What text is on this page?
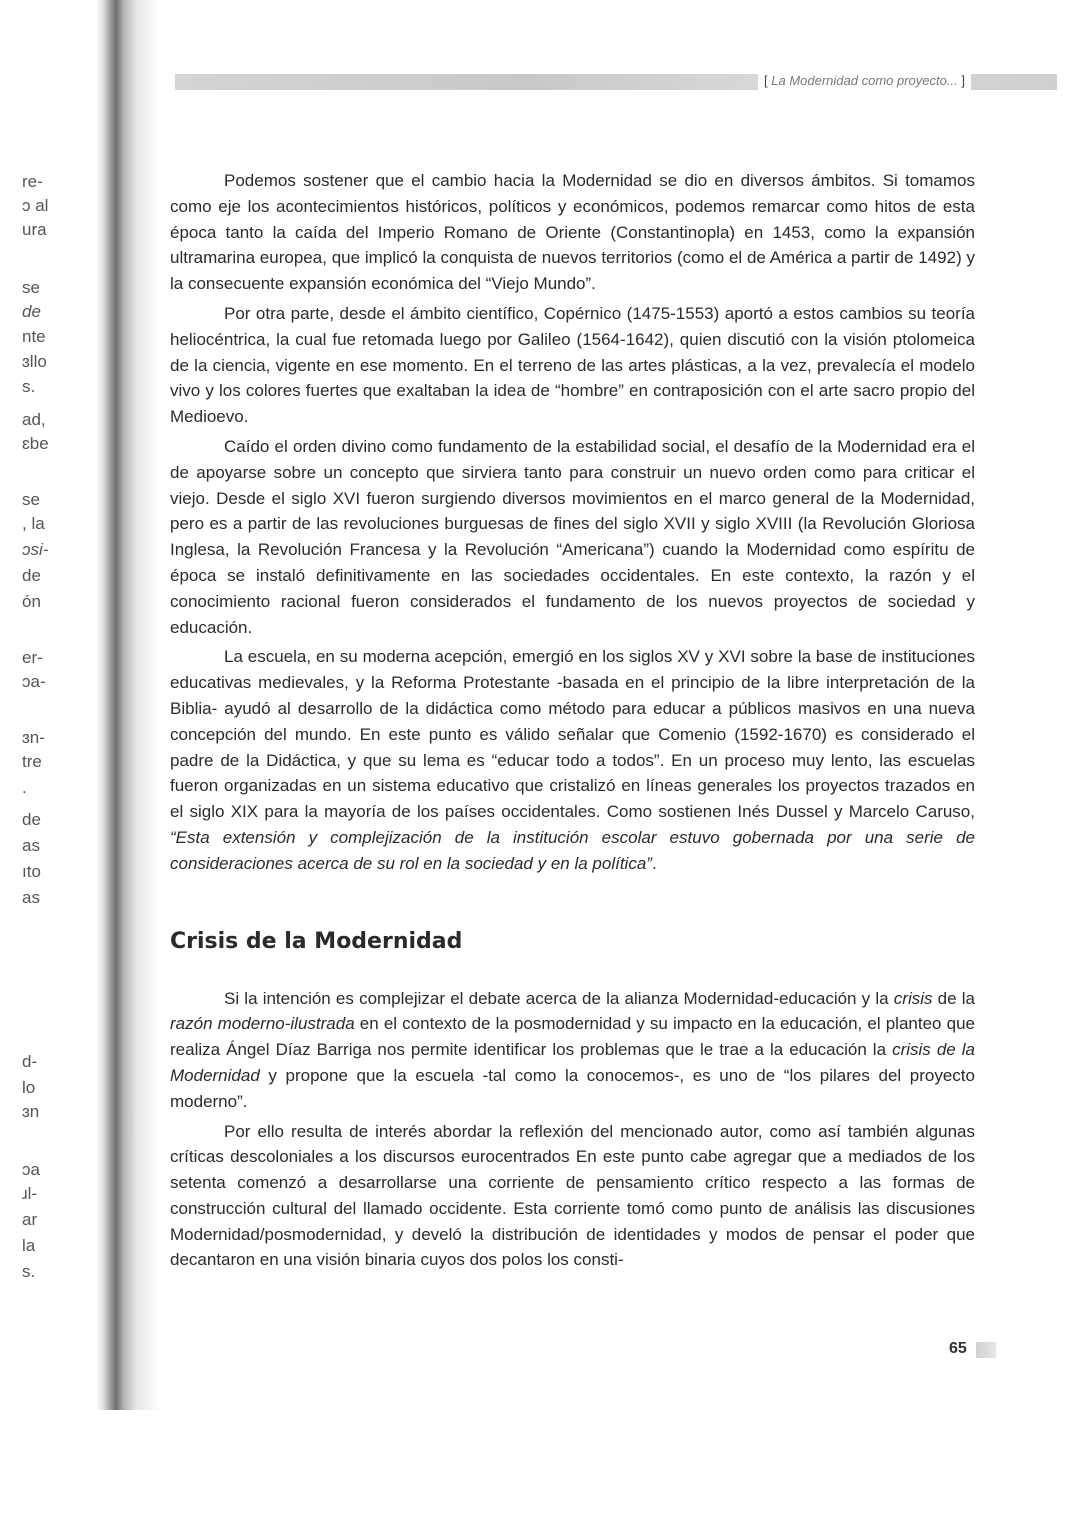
re-
ɔ al
ura
se
de
nte
ɜllo
s.
ad,
ɛbe
se
, la
ɔsi-
de
ón
er-
ɔa-
ɜn-
tre
.
de
as
ıto
as
d-
lo
ɜn
ɔa
ɹl-
ar
la
s.
[ La Modernidad como proyecto... ]

Podemos sostener que el cambio hacia la Modernidad se dio en diversos ámbitos. Si tomamos como eje los acontecimientos históricos, políticos y económicos, podemos remarcar como hitos de esta época tanto la caída del Imperio Romano de Oriente (Constantinopla) en 1453, como la expansión ultramarina europea, que implicó la conquista de nuevos territorios (como el de América a partir de 1492) y la consecuente expansión económica del “Viejo Mundo”.

Por otra parte, desde el ámbito científico, Copérnico (1475-1553) aportó a estos cambios su teoría heliocéntrica, la cual fue retomada luego por Galileo (1564-1642), quien discutió con la visión ptolomeica de la ciencia, vigente en ese momento. En el terreno de las artes plásticas, a la vez, prevalecía el modelo vivo y los colores fuertes que exaltaban la idea de “hombre” en contraposición con el arte sacro propio del Medioevo.

Caído el orden divino como fundamento de la estabilidad social, el desafío de la Modernidad era el de apoyarse sobre un concepto que sirviera tanto para construir un nuevo orden como para criticar el viejo. Desde el siglo XVI fueron surgiendo diversos movimientos en el marco general de la Modernidad, pero es a partir de las revoluciones burguesas de fines del siglo XVII y siglo XVIII (la Revolución Gloriosa Inglesa, la Revolución Francesa y la Revolución “Americana”) cuando la Modernidad como espíritu de época se instaló definitivamente en las sociedades occidentales. En este contexto, la razón y el conocimiento racional fueron considerados el fundamento de los nuevos proyectos de sociedad y educación.

La escuela, en su moderna acepción, emergió en los siglos XV y XVI sobre la base de instituciones educativas medievales, y la Reforma Protestante -basada en el principio de la libre interpretación de la Biblia- ayudó al desarrollo de la didáctica como método para educar a públicos masivos en una nueva concepción del mundo. En este punto es válido señalar que Comenio (1592-1670) es considerado el padre de la Didáctica, y que su lema es “educar todo a todos”. En un proceso muy lento, las escuelas fueron organizadas en un sistema educativo que cristalizó en líneas generales los proyectos trazados en el siglo XIX para la mayoría de los países occidentales. Como sostienen Inés Dussel y Marcelo Caruso, “Esta extensión y complejización de la institución escolar estuvo gobernada por una serie de consideraciones acerca de su rol en la sociedad y en la política”.

Crisis de la Modernidad

Si la intención es complejizar el debate acerca de la alianza Modernidad-educación y la crisis de la razón moderno-ilustrada en el contexto de la posmodernidad y su impacto en la educación, el planteo que realiza Ángel Díaz Barriga nos permite identificar los problemas que le trae a la educación la crisis de la Modernidad y propone que la escuela -tal como la conocemos-, es uno de “los pilares del proyecto moderno”.

Por ello resulta de interés abordar la reflexión del mencionado autor, como así también algunas críticas descoloniales a los discursos eurocentrados En este punto cabe agregar que a mediados de los setenta comenzó a desarrollarse una corriente de pensamiento crítico respecto a las formas de construcción cultural del llamado occidente. Esta corriente tomó como punto de análisis las discusiones Modernidad/posmodernidad, y develó la distribución de identidades y modos de pensar el poder que decantaron en una visión binaria cuyos dos polos los consti-

65
